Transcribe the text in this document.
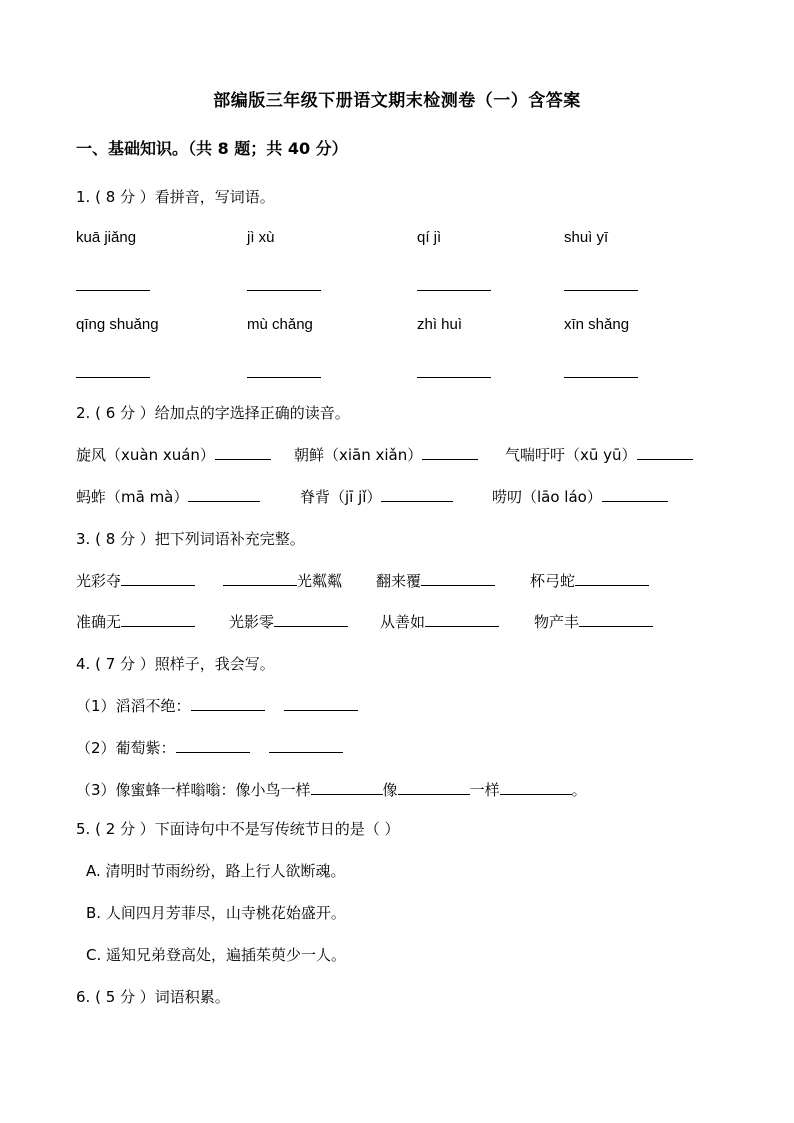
部编版三年级下册语文期末检测卷（一）含答案
一、基础知识。（共 8 题；共 40 分）
1. ( 8 分 ）看拼音，写词语。
kuā jiǎng	jì xù	qí jì	shuì yī
qīng shuǎng	mù chǎng	zhì huì	xīn shǎng
2. ( 6 分 ）给加点的字选择正确的读音。
旋风（xuàn xuán）	朝鲜（xiān xiǎn）	气喘吁吁（xū yū）
蚂蚱（mā mà）	脊背（jī jǐ）	唠叨（lāo láo）
3. ( 8 分 ）把下列词语补充完整。
光彩夺	光粼粼 翻来覆	杯弓蛇
准确无	光影零	从善如	物产丰
4. ( 7 分 ）照样子，我会写。
（1）滔滔不绝：
（2）葡萄紫：
（3）像蜜蜂一样嗡嗡：像小鸟一样	像	一样	。
5. ( 2 分 ）下面诗句中不是写传统节日的是（ ）
A. 清明时节雨纷纷，路上行人欲断魂。
B. 人间四月芳菲尽，山寺桃花始盛开。
C. 遥知兄弟登高处，遍插茱萸少一人。
6. ( 5 分 ）词语积累。
